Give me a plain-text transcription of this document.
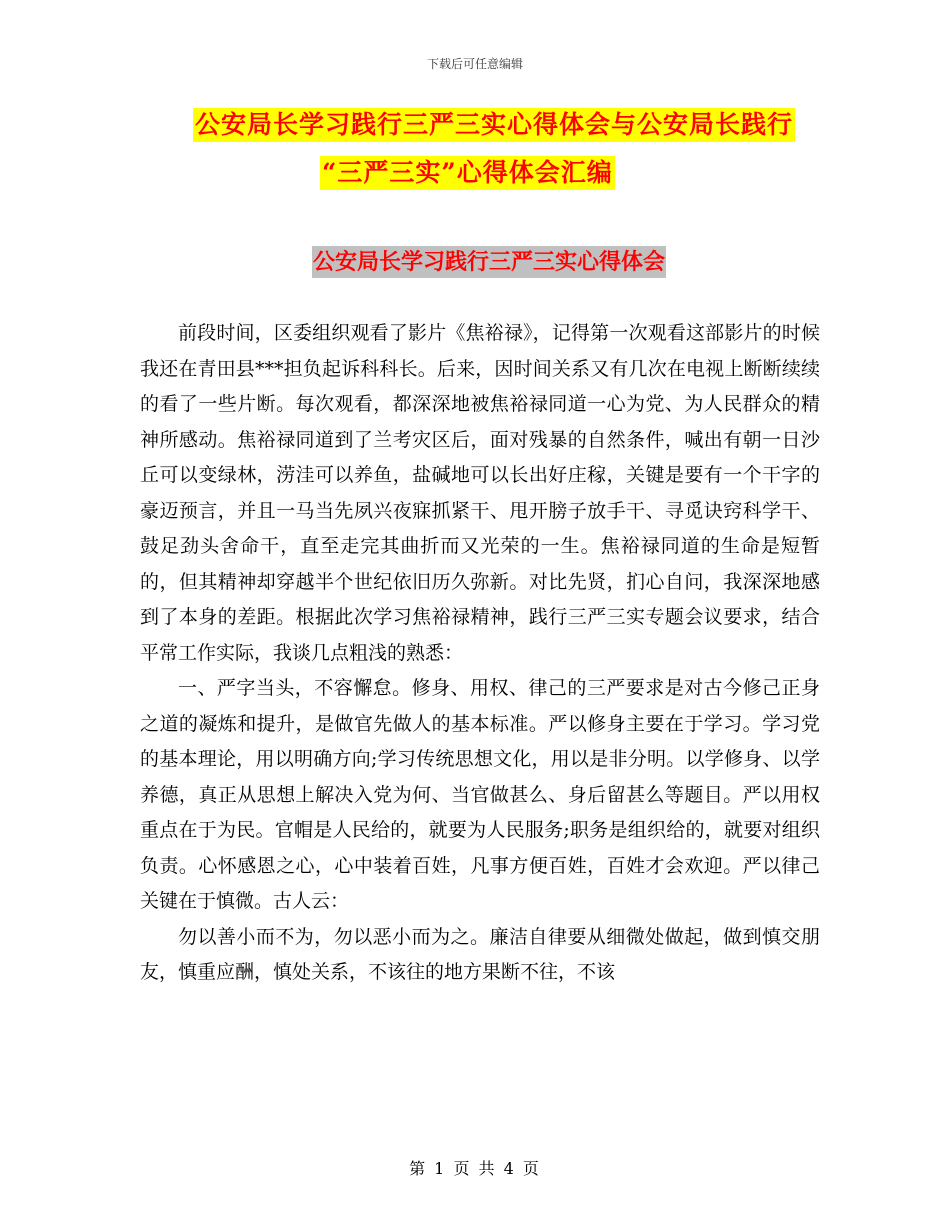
下载后可任意编辑
公安局长学习践行三严三实心得体会与公安局长践行
“三严三实”心得体会汇编
公安局长学习践行三严三实心得体会

前段时间，区委组织观看了影片《焦裕禄》，记得第一次观看这部影片的时候我还在青田县***担负起诉科科长。后来，因时间关系又有几次在电视上断断续续的看了一些片断。每次观看，都深深地被焦裕禄同道一心为党、为人民群众的精神所感动。焦裕禄同道到了兰考灾区后，面对残暴的自然条件，喊出有朝一日沙丘可以变绿林，涝洼可以养鱼，盐碱地可以长出好庄稼，关键是要有一个干字的豪迈预言，并且一马当先夙兴夜寐抓紧干、甩开膀子放手干、寻觅诀窍科学干、鼓足劲头舍命干，直至走完其曲折而又光荣的一生。焦裕禄同道的生命是短暂的，但其精神却穿越半个世纪依旧历久弥新。对比先贤，扪心自问，我深深地感到了本身的差距。根据此次学习焦裕禄精神，践行三严三实专题会议要求，结合平常工作实际，我谈几点粗浅的熟悉：

一、严字当头，不容懈怠。修身、用权、律己的三严要求是对古今修己正身之道的凝炼和提升，是做官先做人的基本标准。严以修身主要在于学习。学习党的基本理论，用以明确方向;学习传统思想文化，用以是非分明。以学修身、以学养德，真正从思想上解决入党为何、当官做甚么、身后留甚么等题目。严以用权重点在于为民。官帽是人民给的，就要为人民服务;职务是组织给的，就要对组织负责。心怀感恩之心，心中装着百姓，凡事方便百姓，百姓才会欢迎。严以律己关键在于慎微。古人云：

勿以善小而不为，勿以恶小而为之。廉洁自律要从细微处做起，做到慎交朋友，慎重应酬，慎处关系，不该往的地方果断不往，不该

第 1 页 共 4 页
